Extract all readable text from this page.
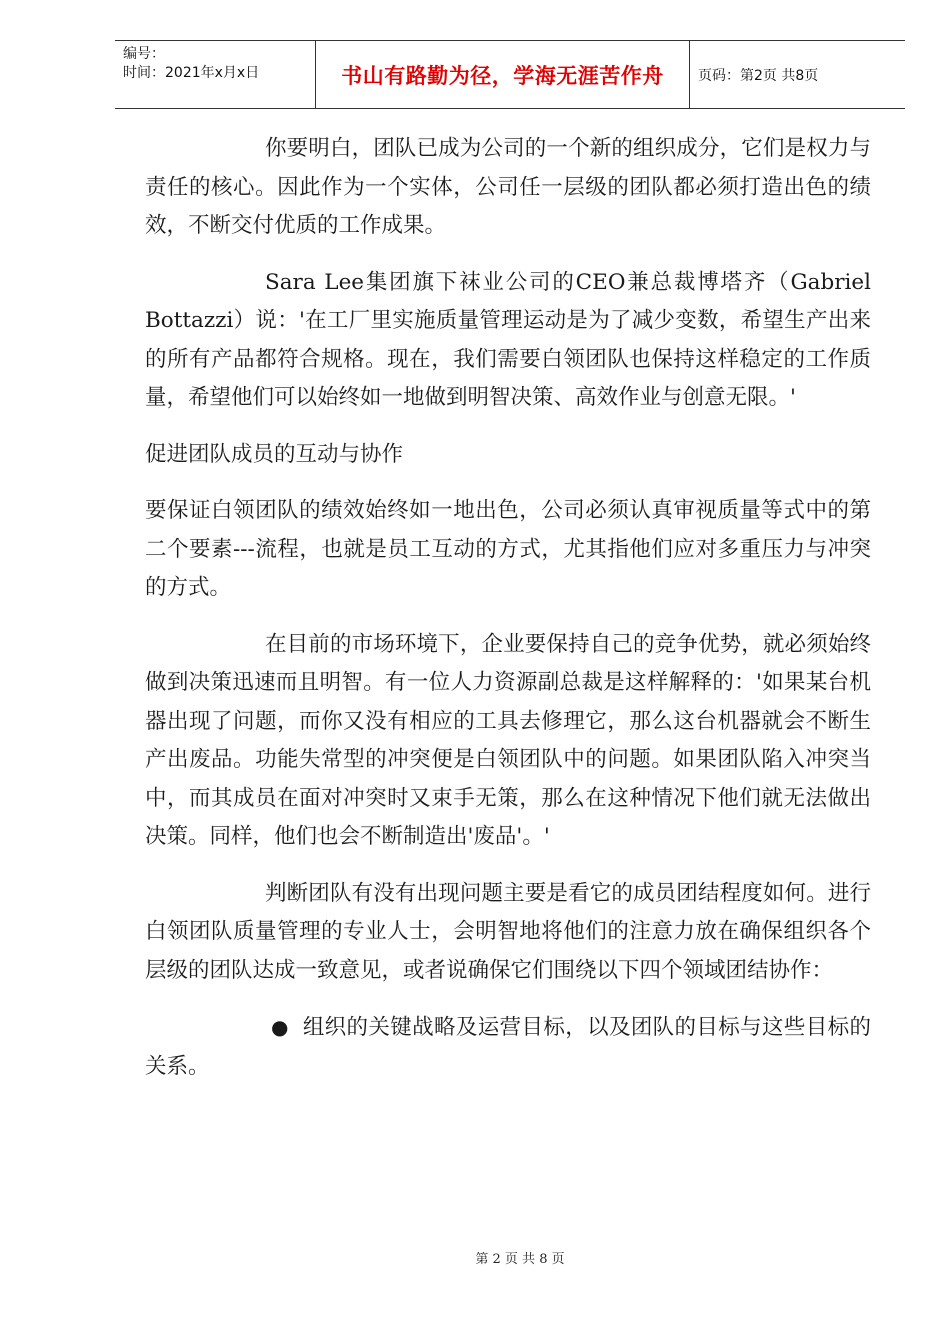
编号：
时间：2021年x月x日	书山有路勤为径，学海无涯苦作舟	页码：第2页 共8页

你要明白，团队已成为公司的一个新的组织成分，它们是权力与责任的核心。因此作为一个实体，公司任一层级的团队都必须打造出色的绩效，不断交付优质的工作成果。

Sara Lee集团旗下袜业公司的CEO兼总裁博塔齐（Gabriel Bottazzi）说：'在工厂里实施质量管理运动是为了减少变数，希望生产出来的所有产品都符合规格。现在，我们需要白领团队也保持这样稳定的工作质量，希望他们可以始终如一地做到明智决策、高效作业与创意无限。'

促进团队成员的互动与协作

要保证白领团队的绩效始终如一地出色，公司必须认真审视质量等式中的第二个要素---流程，也就是员工互动的方式，尤其指他们应对多重压力与冲突的方式。

在目前的市场环境下，企业要保持自己的竞争优势，就必须始终做到决策迅速而且明智。有一位人力资源副总裁是这样解释的：'如果某台机器出现了问题，而你又没有相应的工具去修理它，那么这台机器就会不断生产出废品。功能失常型的冲突便是白领团队中的问题。如果团队陷入冲突当中，而其成员在面对冲突时又束手无策，那么在这种情况下他们就无法做出决策。同样，他们也会不断制造出'废品'。'

判断团队有没有出现问题主要是看它的成员团结程度如何。进行白领团队质量管理的专业人士，会明智地将他们的注意力放在确保组织各个层级的团队达成一致意见，或者说确保它们围绕以下四个领域团结协作：

● 组织的关键战略及运营目标，以及团队的目标与这些目标的关系。

第 2 页 共 8 页
